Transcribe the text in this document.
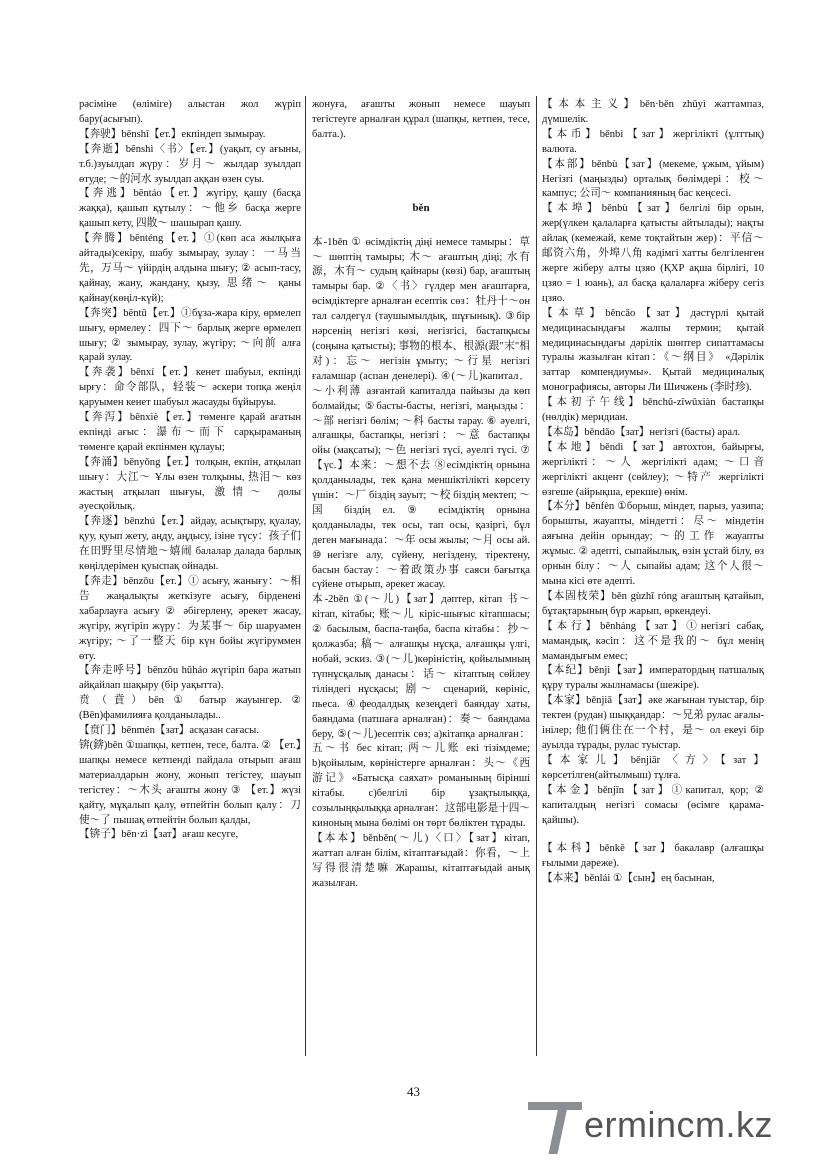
рәсіміне (өліміге) алыстан жол жүріп бару(асығып).

【奔驶】bēnshǐ【ет.】екпіндеп зымырау.

【奔逝】bēnshì〈书〉【ет.】(уақыт, су ағыны, т.б.)зуылдап жүру：岁月～ жылдар зуылдап өтуде; ～的河水 зуылдап аққан өзен суы.

【奔逃】bēntáo【ет.】жүгіру, қашу (басқа жаққа), қашып құтылу：～他乡 басқа жерге қашып кету, 四散～ шашырап қашу.

【奔腾】bēnténg【ет.】①(көп аса жылқыға айтады)секіру, шабу зымырау, зулау：一马当先，万马～ үйірдің алдына шығу; ② асып-тасу, қайнау, жану, жандану, қызу, 思绪～ қаны қайнау(көңіл-күй);

【奔突】bēntū【ет.】①бұза-жара кіру, өрмелеп шығу, өрмелеу：四下～ барлық жерге өрмелеп шығу; ② зымырау, зулау, жүгіру; ～向前 алға қарай зулау.

【奔袭】bēnxí【ет.】кенет шабуыл, екпінді ырғу：命令部队，轻装～ әскери топқа жеңіл қаруымен кенет шабуыл жасауды бұйыруы.

【奔泻】bēnxiè【ет.】төменге қарай ағатын екпінді ағыс：瀑布～而下 сарқыраманың төменге қарай екпінмен құлауы;

【奔涌】bēnyǒng【ет.】толқын, екпін, атқылап шығу：大江～ Ұлы өзен толқыны, 热泪～ көз жастың атқылап шығуы, 激情～ долы әуесқойлық.

【奔逐】bēnzhú【ет.】айдау, асықтыру, қуалау, қуу, қуып жету, аңду, аңдысу, ізіне түсу：孩子们在田野里尽情地～嬉闹 балалар далада барлық көңілдерімен қуыспақ ойнады.

【奔走】bēnzǒu【ет.】① асығу, жанығу：～相告 жаңалықты жеткізуге асығу, бірденені хабарлауға асығу ② әбігерлену, әрекет жасау, жүгіру, жүгіріп жүру：为某事～ бір шаруамен жүгіру; ～了一整天 бір күн бойы жүгіруммен өту.

【奔走呼号】bēnzǒu hūháo жүгіріп бара жатып айқайлап шақыру (бір уақытта).

贲（賁）bēn ① батыр жауынгер. ② (Bēn)фамилияға қолданылады..

【贲门】bēnmén【зат】асқазан сағасы.

锛(錛)bēn ①шапқы, кетпен, тесе, балта. ② 【ет.】шапқы немесе кетпенді пайдала отырып ағаш материалдарын жону, жонып тегістеу, шауып тегістеу：～木头 ағашты жону ③ 【ет.】жүзі қайту, мұқалып қалу, өтпейтін болып қалу：刀使～了 пышақ өтпейтін болып қалды,

【锛子】bēn·zi【зат】ағаш кесуге,

жонуға, ағашты жонып немесе шауып тегістеуге арналған құрал (шапқы, кетпен, тесе, балта.).

běn

本-1běn ① өсімдіктің діңі немесе тамыры：草～ шөптің тамыры; 木～ ағаштың діңі; 水有源，木有～ судың қайнары (көзі) бар, ағаштың тамыры бар. ②〈书〉гүлдер мен ағаштарға, өсімдіктерге арналған есептік сөз：牡丹十～он тал сәлдегүл (таушымылдық, шұғынық). ③бір нәрсенің негізгі көзі, негізгісі, бастапқысы (соңына қатысты); 事物的根本、根源(跟"末"相对)：忘～ негізін ұмыту; ～行星 негізгі ғаламшар (аспан денелері). ④(～儿)капитал．～小利薄 азғантай капиталда пайызы да көп болмайды; ⑤басты-басты, негізгі, маңызды：～部 негізгі бөлім; ～科 басты тарау. ⑥ әуелгі, алғашқы, бастапқы, негізгі：～意 бастапқы ойы (мақсаты); ～色 негізгі түсі, әуелгі түсі. ⑦【үс.】本来：～想不去 ⑧есімдіктің орнына қолданылады, тек қана меншіктілікті көрсету үшін：～厂 біздің зауыт; ～校 біздің мектеп; ～国 біздің ел. ⑨ есімдіктің орнына қолданылады, тек осы, тап осы, қазіргі, бұл деген мағынада：～年 осы жылы; ～月 осы ай. ⑩негізге алу, сүйену, негіздену, тіректену, басын бастау：～着政策办事 саяси бағытқа сүйене отырып, әрекет жасау.

本-2běn ①(～儿)【зат】дәптер, кітап 书～ кітап, кітабы; 账～儿 кіріс-шығыс кітапшасы; ② басылым, баспа-таңба, баспа кітабы：抄～ қолжазба; 稿～ алғашқы нұсқа, алғашқы үлгі, нобай, эскиз. ③(～儿)көріністің, қойылымның түпнұсқалық данасы：话～ кітаптың сөйлеу тіліндегі нұсқасы; 剧～ сценарий, көрініс, пьеса. ④феодалдық кезеңдегі баяндау хаты, баяндама (патшаға арналған)：奏～ баяндама беру, ⑤(～儿)есептік сөз; а)кітапқа арналған：五～书 бес кітап; 两～儿账 екі тізімдеме; b)қойылым, көріністерге арналған：头～《西游记》«Батысқа саяхат» романының бірінші кітабы. c)белгілі бір ұзақтылыққа, созылыңқылыққа арналған：这部电影是十四～ киноның мына бөлімі он төрт бөліктен тұрады.

【本本】běnběn(～儿)〈口〉【зат】кітап, жаттап алған білім, кітаптағыдай：你看，～上写得很清楚嘛 Жарашы, кітаптағыдай анық жазылған.

【本本主义】běn·běn zhǔyì жаттампаз, дүмшелік.

【本币】běnbì【зат】жергілікті (ұлттық) валюта.

【本部】běnbù【зат】(мекеме, ұжым, ұйым) Негізгі (маңызды) орталық бөлімдері：校～ кампус; 公司～ компанияның бас кеңсесі.

【本埠】běnbù【зат】белгілі бір орын, жер(үлкен қалаларға қатысты айтылады); нақты айлақ (кемежай, кеме тоқтайтын жер)：平信～邮资六角，外埠八角 кәдімгі хатты белгіленген жерге жіберу алты цзяо (ҚХР ақша бірлігі, 10 цзяо = 1 юань), ал басқа қалаларға жіберу сегіз цзяо.

【本草】běncǎo【зат】дәстүрлі қытай медицинасындағы жалпы термин; қытай медицинасындағы дәрілік шөптер сипаттамасы туралы жазылған кітап：《～纲目》 «Дәрілік заттар компендиумы». Қытай медициналық монографиясы, авторы Ли Шичжень (李时珍).

【本初子午线】běnchū-zǐwǔxiàn бастапқы (нөлдік) меридиан.

【本岛】běndǎo【зат】негізгі (басты) арал.

【本地】běndì【зат】автохтон, байырғы, жергілікті：～人 жергілікті адам; ～口音 жергілікті акцент (сөйлеу); ～特产 жергілікті өзгеше (айрықша, ерекше) өнім.

【本分】běnfèn ①борыш, міндет, парыз, уазипа; борышты, жауапты, міндетті：尽～ міндетін аяғына дейін орындау; ～的工作 жауапты жұмыс. ② әдепті, сыпайылық, өзін ұстай білу, өз орнын білу：～人 сыпайы адам; 这个人很～ мына кісі өте әдепті.

【本固枝荣】běn gùzhī róng ағаштың қатайып, бұтақтарының бүр жарып, өркендеуі.

【本行】běnháng【зат】①негізгі сабақ, мамандық, кәсіп：这不是我的～ бұл менің мамандығым емес;

【本纪】běnjì【зат】императордың патшалық құру туралы жылнамасы (шежіре).

【本家】běnjiā【зат】әке жағынан туыстар, бір тектен (рудан) шыққандар：～兄弟 рулас ағалы-інілер; 他们俩住在一个村，是～ ол екеуі бір ауылда тұрады, рулас туыстар.

【本家儿】běnjiār〈方〉【зат】көрсетілген(айтылмыш) тұлға.

【本金】běnjīn【зат】①капитал, қор; ② капиталдың негізгі сомасы (өсімге қарама-қайшы).

【本科】běnkē【зат】бакалавр (алғашқы ғылыми дәреже).

【本来】běnlái ①【сын】ең басынан,

43
erminc​m.kz
